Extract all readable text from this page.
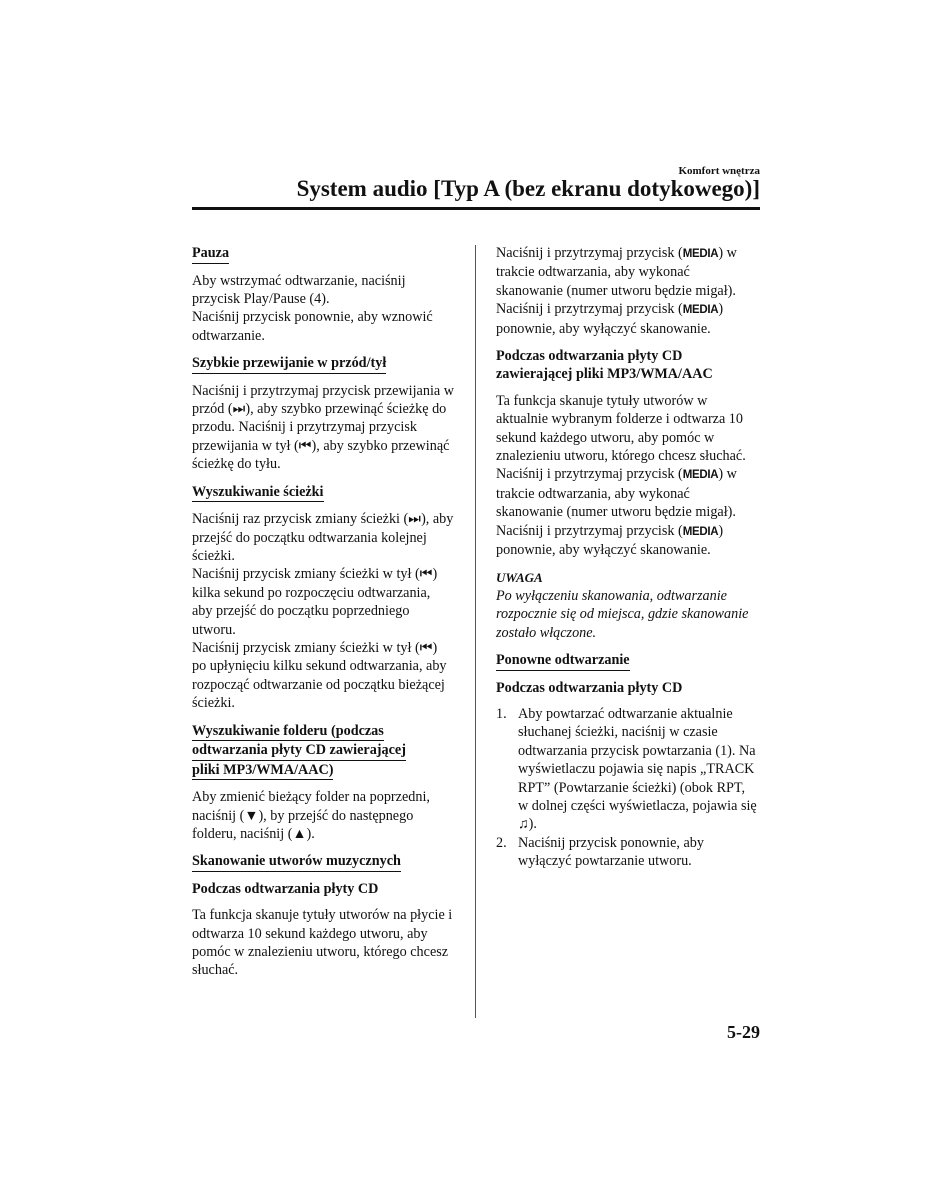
Komfort wnętrza
System audio [Typ A (bez ekranu dotykowego)]
Pauza

Aby wstrzymać odtwarzanie, naciśnij przycisk Play/Pause (4).

Naciśnij przycisk ponownie, aby wznowić odtwarzanie.

Szybkie przewijanie w przód/tył

Naciśnij i przytrzymaj przycisk przewijania w przód (⏭), aby szybko przewinąć ścieżkę do przodu. Naciśnij i przytrzymaj przycisk przewijania w tył (⏮), aby szybko przewinąć ścieżkę do tyłu.

Wyszukiwanie ścieżki

Naciśnij raz przycisk zmiany ścieżki (⏭), aby przejść do początku odtwarzania kolejnej ścieżki.

Naciśnij przycisk zmiany ścieżki w tył (⏮) kilka sekund po rozpoczęciu odtwarzania, aby przejść do początku poprzedniego utworu.

Naciśnij przycisk zmiany ścieżki w tył (⏮) po upłynięciu kilku sekund odtwarzania, aby rozpocząć odtwarzanie od początku bieżącej ścieżki.

Wyszukiwanie folderu (podczas
odtwarzania płyty CD zawierającej
pliki MP3/WMA/AAC)

Aby zmienić bieżący folder na poprzedni, naciśnij (▼), by przejść do następnego folderu, naciśnij (▲).

Skanowanie utworów muzycznych

Podczas odtwarzania płyty CD

Ta funkcja skanuje tytuły utworów na płycie i odtwarza 10 sekund każdego utworu, aby pomóc w znalezieniu utworu, którego chcesz słuchać.

Naciśnij i przytrzymaj przycisk (MEDIA) w trakcie odtwarzania, aby wykonać skanowanie (numer utworu będzie migał).

Naciśnij i przytrzymaj przycisk (MEDIA) ponownie, aby wyłączyć skanowanie.

Podczas odtwarzania płyty CD

zawierającej pliki MP3/WMA/AAC

Ta funkcja skanuje tytuły utworów w aktualnie wybranym folderze i odtwarza 10 sekund każdego utworu, aby pomóc w znalezieniu utworu, którego chcesz słuchać. Naciśnij i przytrzymaj przycisk (MEDIA) w trakcie odtwarzania, aby wykonać skanowanie (numer utworu będzie migał).

Naciśnij i przytrzymaj przycisk (MEDIA) ponownie, aby wyłączyć skanowanie.

UWAGA

Po wyłączeniu skanowania, odtwarzanie rozpocznie się od miejsca, gdzie skanowanie zostało włączone.

Ponowne odtwarzanie

Podczas odtwarzania płyty CD

1. Aby powtarzać odtwarzanie aktualnie słuchanej ścieżki, naciśnij w czasie odtwarzania przycisk powtarzania (1). Na wyświetlaczu pojawia się napis „TRACK RPT” (Powtarzanie ścieżki) (obok RPT, w dolnej części wyświetlacza, pojawia się ♫).
2. Naciśnij przycisk ponownie, aby wyłączyć powtarzanie utworu.
5-29
